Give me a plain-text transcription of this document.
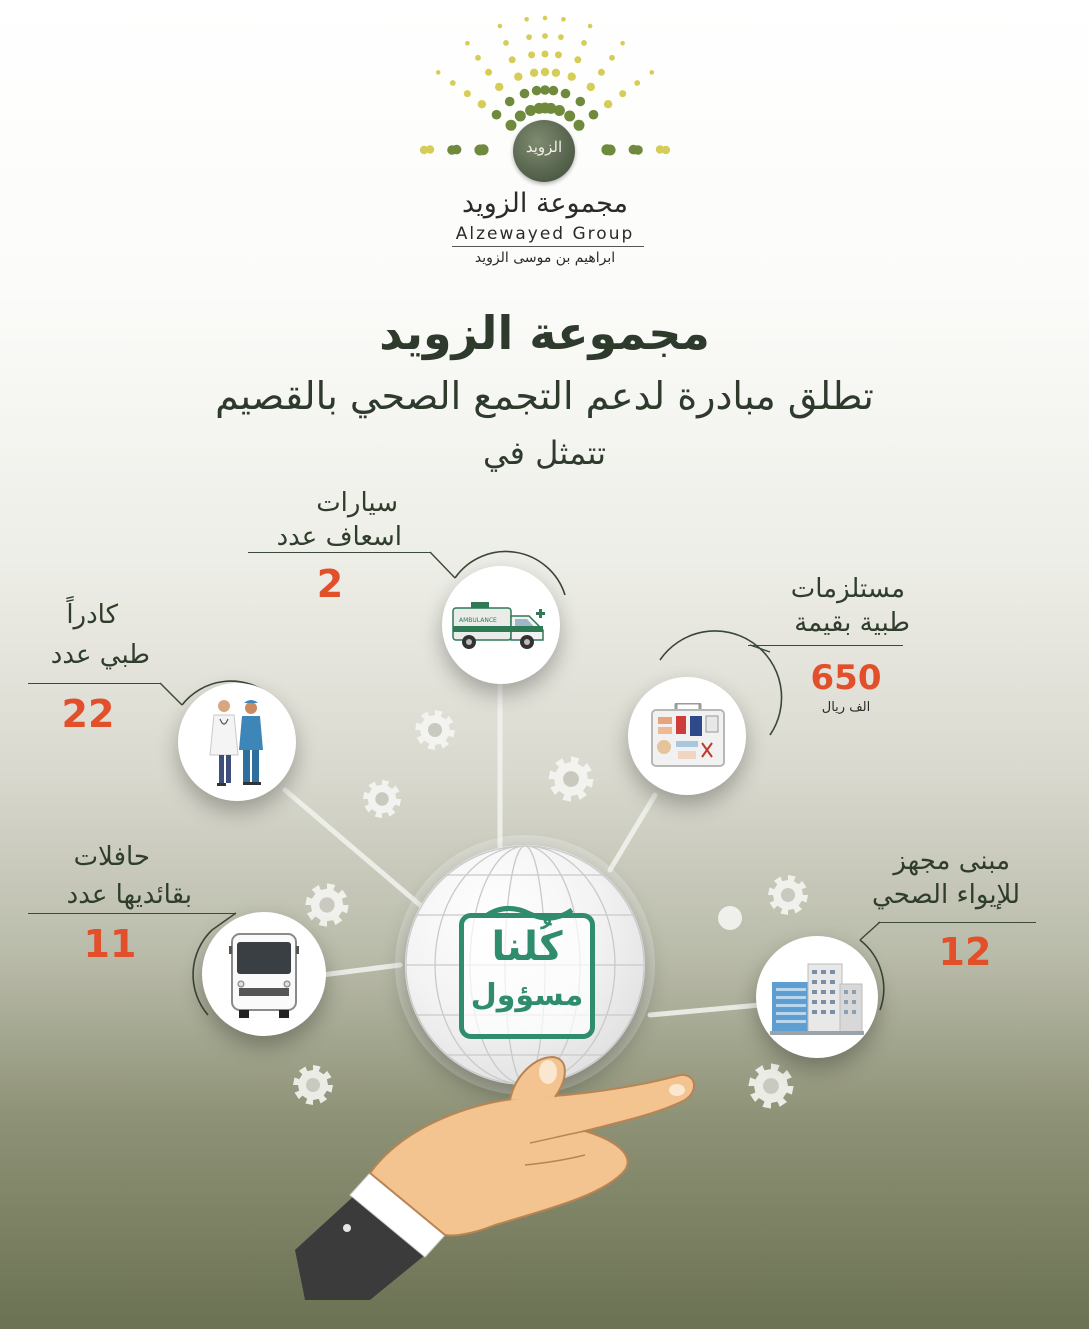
الزويد
مجموعة الزويد
Alzewayed Group
ابراهيم بن موسى الزويد
مجموعة الزويد
تطلق مبادرة لدعم التجمع الصحي بالقصيم
تتمثل في
سيارات
اسعاف عدد
2
AMBULANCE
كادراً
طبي عدد
22
مستلزمات
طبية بقيمة
650
الف ريال
حافلات
بقائديها عدد
11
مبنى مجهز
للإيواء الصحي
12
كُلنا
مسؤول
